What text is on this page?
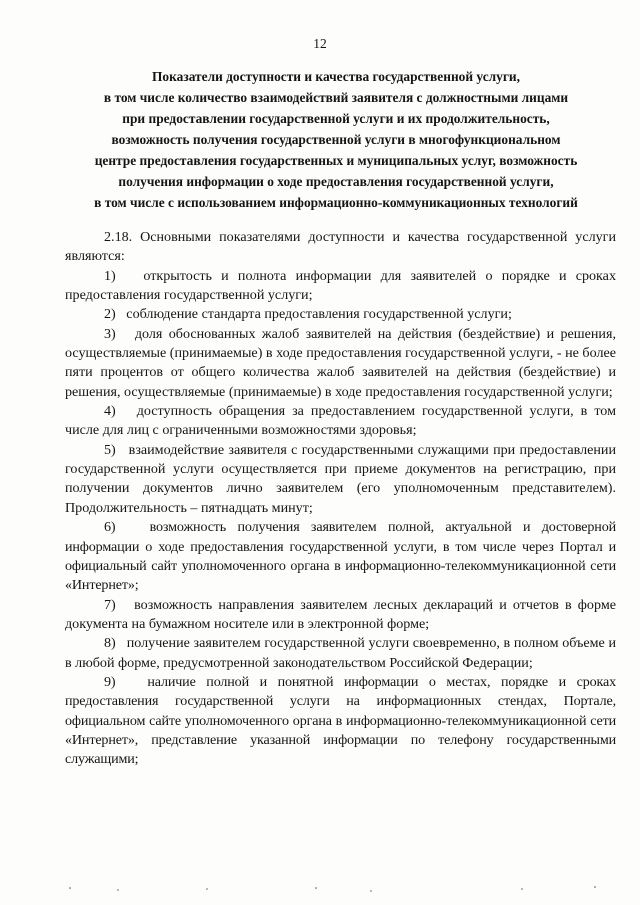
12
Показатели доступности и качества государственной услуги,
в том числе количество взаимодействий заявителя с должностными лицами
при предоставлении государственной услуги и их продолжительность,
возможность получения государственной услуги в многофункциональном
центре предоставления государственных и муниципальных услуг, возможность
получения информации о ходе предоставления государственной услуги,
в том числе с использованием информационно-коммуникационных технологий

2.18. Основными показателями доступности и качества государственной услуги являются:

1)   открытость и полнота информации для заявителей о порядке и сроках предоставления государственной услуги;

2)   соблюдение стандарта предоставления государственной услуги;

3)   доля обоснованных жалоб заявителей на действия (бездействие) и решения, осуществляемые (принимаемые) в ходе предоставления государственной услуги, - не более пяти процентов от общего количества жалоб заявителей на действия (бездействие) и решения, осуществляемые (принимаемые) в ходе предоставления государственной услуги;

4)   доступность обращения за предоставлением государственной услуги, в том числе для лиц с ограниченными возможностями здоровья;

5)   взаимодействие заявителя с государственными служащими при предоставлении государственной услуги осуществляется при приеме документов на регистрацию, при получении документов лично заявителем (его уполномоченным представителем). Продолжительность – пятнадцать минут;

6)   возможность получения заявителем полной, актуальной и достоверной информации о ходе предоставления государственной услуги, в том числе через Портал и официальный сайт уполномоченного органа в информационно-телекоммуникационной сети «Интернет»;

7)   возможность направления заявителем лесных деклараций и отчетов в форме документа на бумажном носителе или в электронной форме;

8)   получение заявителем государственной услуги своевременно, в полном объеме и в любой форме, предусмотренной законодательством Российской Федерации;

9)   наличие полной и понятной информации о местах, порядке и сроках предоставления государственной услуги на информационных стендах, Портале, официальном сайте уполномоченного органа в информационно-телекоммуникационной сети «Интернет», представление указанной информации по телефону государственными служащими;
